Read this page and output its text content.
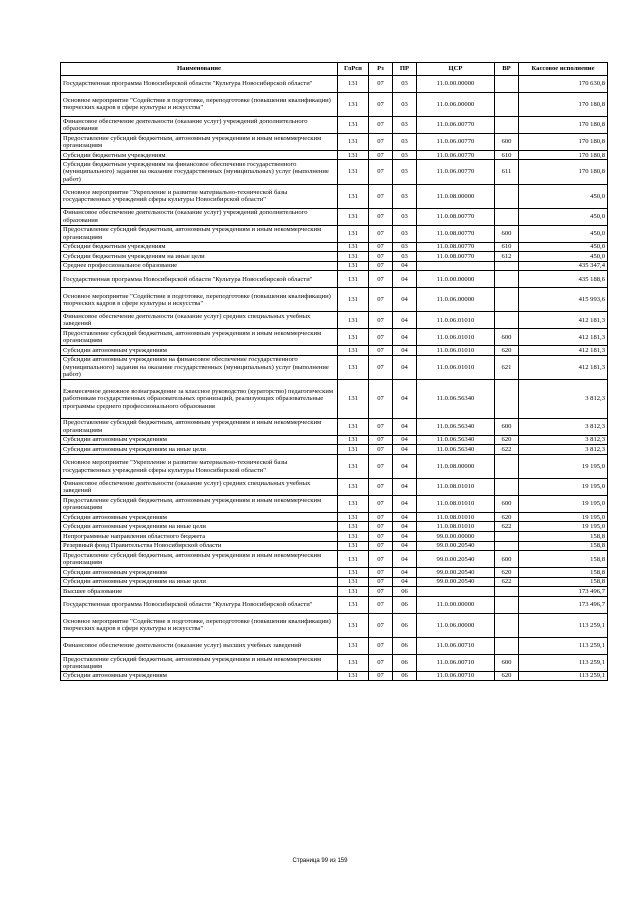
Наименование	ГлРсп	Рз	ПР	ЦСР	ВР	Кассовое исполнение
Государственная программа Новосибирской области "Культура Новосибирской области"	131	07	03	11.0.00.00000		170 630,8
Основное мероприятие "Содействие в подготовке, переподготовке (повышении квалификации) творческих кадров в сфере культуры и искусства"	131	07	03	11.0.06.00000		170 180,8
Финансовое обеспечение деятельности (оказание услуг) учреждений дополнительного образования	131	07	03	11.0.06.00770		170 180,8
Предоставление субсидий бюджетным, автономным учреждениям и иным некоммерческим организациям	131	07	03	11.0.06.00770	600	170 180,8
Субсидии бюджетным учреждениям	131	07	03	11.0.06.00770	610	170 180,8
Субсидии бюджетным учреждениям на финансовое обеспечение государственного (муниципального) задания на оказание государственных (муниципальных) услуг (выполнение работ)	131	07	03	11.0.06.00770	611	170 180,8
Основное мероприятие "Укрепление и развитие материально-технической базы государственных учреждений сферы культуры Новосибирской области"	131	07	03	11.0.08.00000		450,0
Финансовое обеспечение деятельности (оказание услуг) учреждений дополнительного образования	131	07	03	11.0.08.00770		450,0
Предоставление субсидий бюджетным, автономным учреждениям и иным некоммерческим организациям	131	07	03	11.0.08.00770	600	450,0
Субсидии бюджетным учреждениям	131	07	03	11.0.08.00770	610	450,0
Субсидии бюджетным учреждениям на иные цели	131	07	03	11.0.08.00770	612	450,0
Среднее профессиональное образование	131	07	04			435 347,4
Государственная программа Новосибирской области "Культура Новосибирской области"	131	07	04	11.0.00.00000		435 188,6
Основное мероприятие "Содействие в подготовке, переподготовке (повышении квалификации) творческих кадров в сфере культуры и искусства"	131	07	04	11.0.06.00000		415 993,6
Финансовое обеспечение деятельности (оказание услуг) средних специальных учебных заведений	131	07	04	11.0.06.01010		412 181,3
Предоставление субсидий бюджетным, автономным учреждениям и иным некоммерческим организациям	131	07	04	11.0.06.01010	600	412 181,3
Субсидии автономным учреждениям	131	07	04	11.0.06.01010	620	412 181,3
Субсидии автономным учреждениям на финансовое обеспечение государственного (муниципального) задания на оказание государственных (муниципальных) услуг (выполнение работ)	131	07	04	11.0.06.01010	621	412 181,3
Ежемесячное денежное вознаграждение за классное руководство (кураторство) педагогическим работникам государственных образовательных организаций, реализующих образовательные программы среднего профессионального образования	131	07	04	11.0.06.56340		3 812,3
Предоставление субсидий бюджетным, автономным учреждениям и иным некоммерческим организациям	131	07	04	11.0.06.56340	600	3 812,3
Субсидии автономным учреждениям	131	07	04	11.0.06.56340	620	3 812,3
Субсидии автономным учреждениям на иные цели	131	07	04	11.0.06.56340	622	3 812,3
Основное мероприятие "Укрепление и развитие материально-технической базы государственных учреждений сферы культуры Новосибирской области"	131	07	04	11.0.08.00000		19 195,0
Финансовое обеспечение деятельности (оказание услуг) средних специальных учебных заведений	131	07	04	11.0.08.01010		19 195,0
Предоставление субсидий бюджетным, автономным учреждениям и иным некоммерческим организациям	131	07	04	11.0.08.01010	600	19 195,0
Субсидии автономным учреждениям	131	07	04	11.0.08.01010	620	19 195,0
Субсидии автономным учреждениям на иные цели	131	07	04	11.0.08.01010	622	19 195,0
Непрограммные направления областного бюджета	131	07	04	99.0.00.00000		158,8
Резервный фонд Правительства Новосибирской области	131	07	04	99.0.00.20540		158,8
Предоставление субсидий бюджетным, автономным учреждениям и иным некоммерческим организациям	131	07	04	99.0.00.20540	600	158,8
Субсидии автономным учреждениям	131	07	04	99.0.00.20540	620	158,8
Субсидии автономным учреждениям на иные цели	131	07	04	99.0.00.20540	622	158,8
Высшее образование	131	07	06			173 496,7
Государственная программа Новосибирской области "Культура Новосибирской области"	131	07	06	11.0.00.00000		173 496,7
Основное мероприятие "Содействие в подготовке, переподготовке (повышении квалификации) творческих кадров в сфере культуры и искусства"	131	07	06	11.0.06.00000		113 259,1
Финансовое обеспечение деятельности (оказание услуг) высших учебных заведений	131	07	06	11.0.06.00710		113 259,1
Предоставление субсидий бюджетным, автономным учреждениям и иным некоммерческим организациям	131	07	06	11.0.06.00710	600	113 259,1
Субсидии автономным учреждениям	131	07	06	11.0.06.00710	620	113 259,1
Страница 99 из 159
